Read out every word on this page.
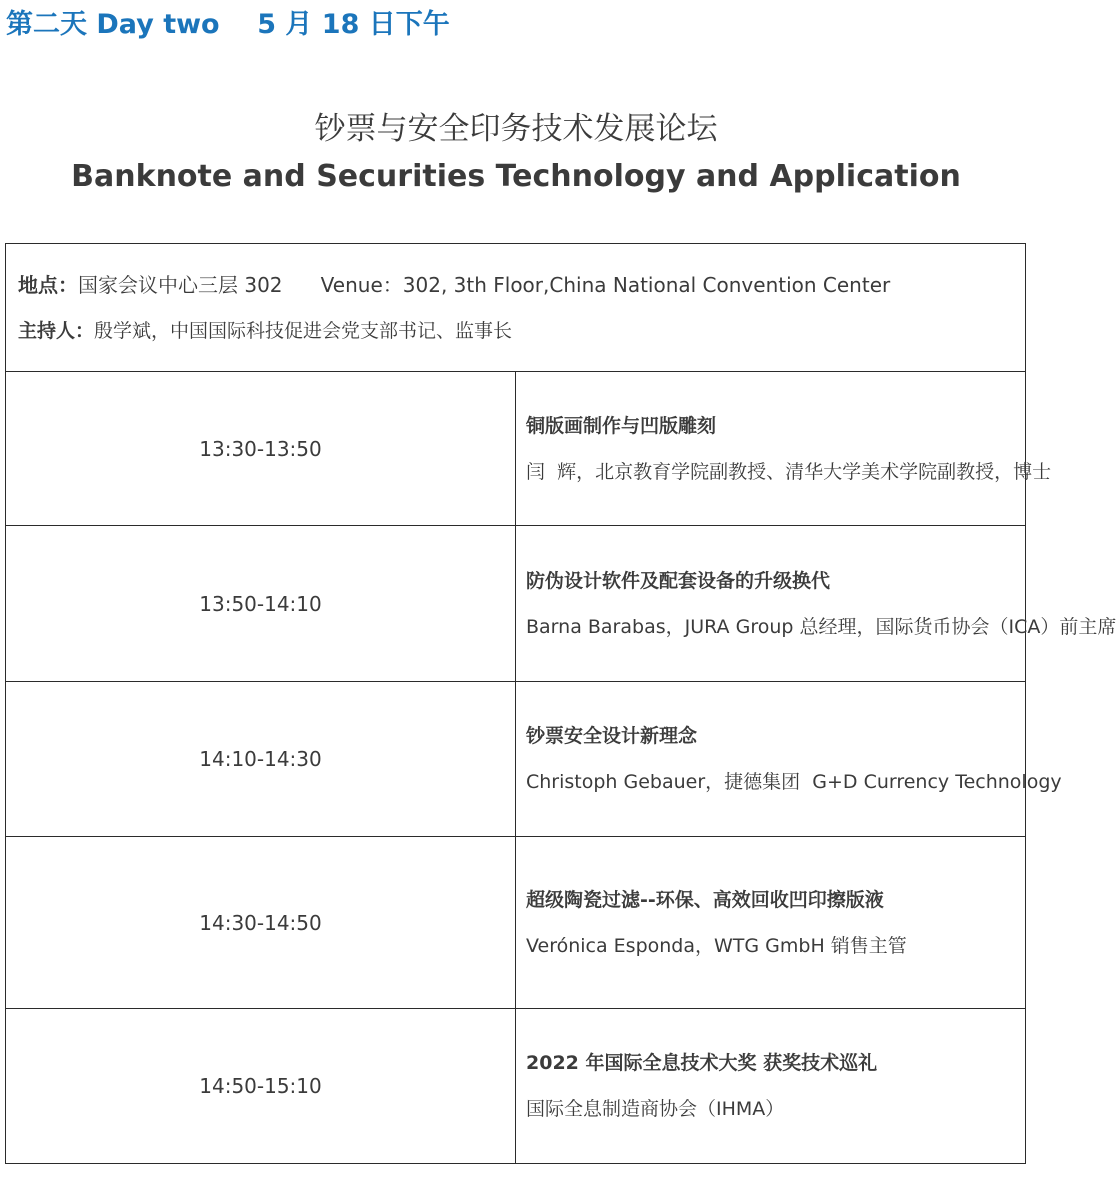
第二天 Day two    5 月 18 日下午
钞票与安全印务技术发展论坛
Banknote and Securities Technology and Application
地点：国家会议中心三层 302      Venue：302, 3th Floor,China National Convention Center
主持人：殷学斌，中国国际科技促进会党支部书记、监事长	

13:30-13:50	铜版画制作与凹版雕刻
闫  辉，北京教育学院副教授、清华大学美术学院副教授，博士

13:50-14:10	防伪设计软件及配套设备的升级换代
Barna Barabas，JURA Group 总经理，国际货币协会（ICA）前主席

14:10-14:30	钞票安全设计新理念
Christoph Gebauer，捷德集团  G+D Currency Technology

14:30-14:50	超级陶瓷过滤--环保、高效回收凹印擦版液
Verónica Esponda，WTG GmbH 销售主管

14:50-15:10	2022 年国际全息技术大奖 获奖技术巡礼
国际全息制造商协会（IHMA）
